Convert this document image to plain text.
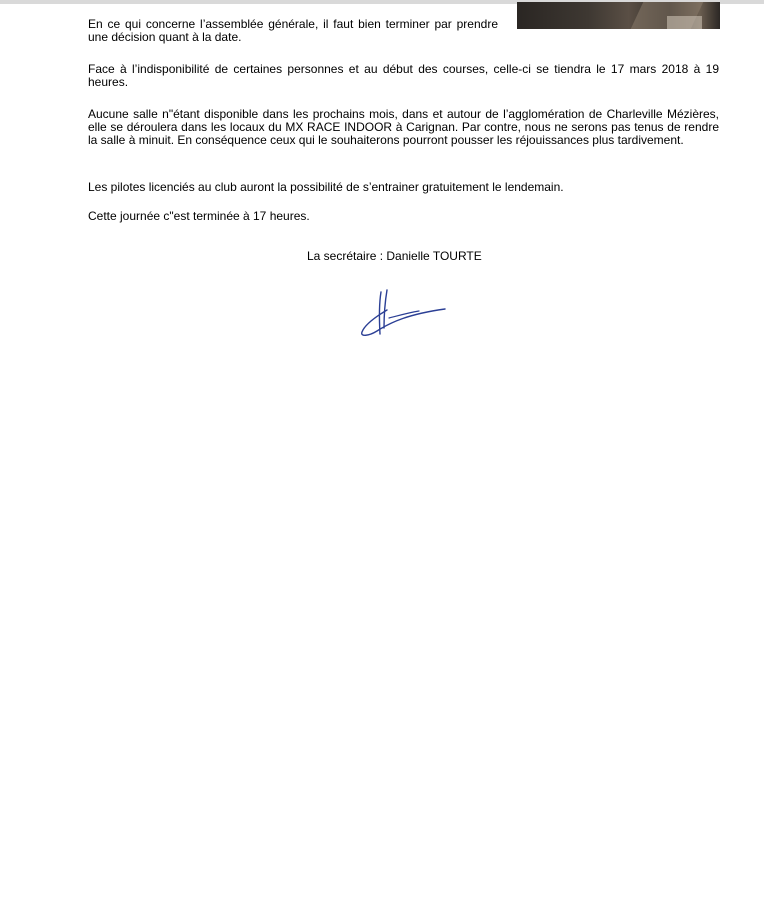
En ce qui concerne l’assemblée générale, il faut bien terminer par prendre une décision quant à la date.

Face à l’indisponibilité de certaines personnes et au début des courses, celle-ci se tiendra le 17 mars 2018 à 19 heures.

Aucune salle n"étant disponible dans les prochains mois, dans et autour de l’agglomération de Charleville Mézières, elle se déroulera dans les locaux du MX RACE INDOOR à Carignan. Par contre, nous ne serons pas tenus de rendre la salle à minuit. En conséquence ceux qui le souhaiterons pourront pousser les réjouissances plus tardivement.

Les pilotes licenciés au club auront la possibilité de s’entrainer gratuitement le lendemain.

Cette journée c"est terminée à 17 heures.

La secrétaire : Danielle TOURTE
